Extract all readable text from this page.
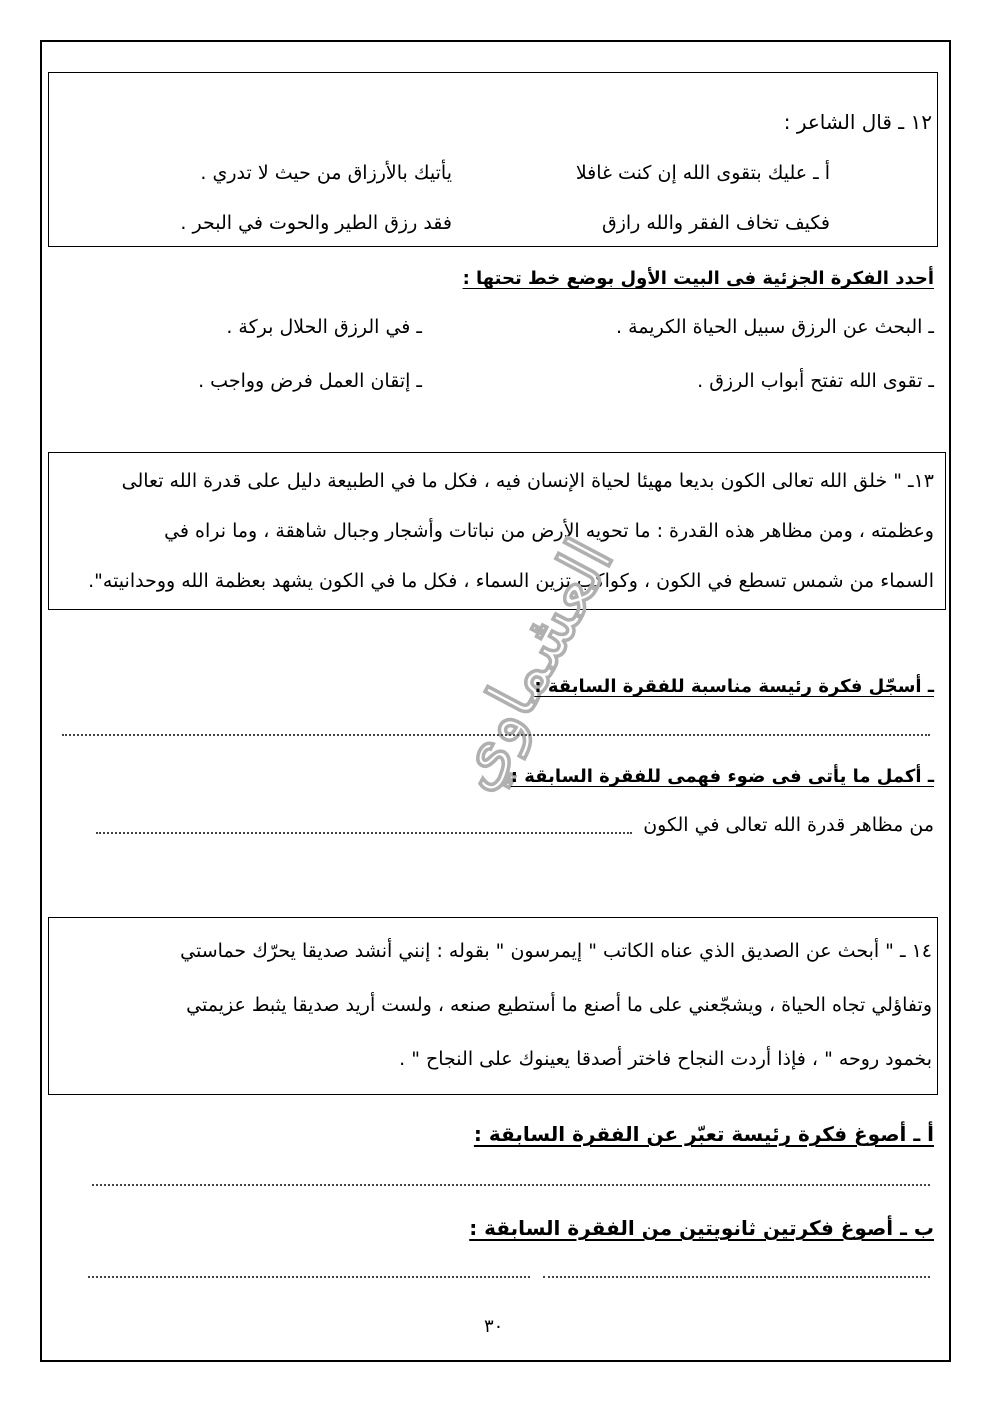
١٢ ـ قال الشاعر :
أ ـ عليك بتقوى الله إن كنت غافلا
يأتيك بالأرزاق من حيث لا تدري .
فكيف تخاف الفقر والله رازق
فقد رزق الطير والحوت في البحر .
أحدد الفكرة الجزئية فى البيت الأول بوضع خط تحتها :
ـ البحث عن الرزق سبيل الحياة الكريمة .
ـ في الرزق الحلال بركة .
ـ تقوى الله تفتح أبواب الرزق .
ـ إتقان العمل فرض وواجب .
١٣ـ " خلق الله تعالى الكون بديعا مهيئا لحياة الإنسان فيه ، فكل ما في الطبيعة دليل على قدرة الله تعالى
وعظمته ، ومن مظاهر هذه القدرة : ما تحويه الأرض من نباتات وأشجار وجبال شاهقة ، وما نراه في
السماء من شمس تسطع في الكون ، وكواكب تزين السماء ، فكل ما في الكون يشهد بعظمة الله ووحدانيته".
العشماوي
ـ أسجّل فكرة رئيسة مناسبة للفقرة السابقة :
ـ أكمل ما يأتى فى ضوء فهمى للفقرة السابقة :
من مظاهر قدرة الله تعالى في الكون
١٤ ـ " أبحث عن الصديق الذي عناه الكاتب " إيمرسون " بقوله : إنني أنشد صديقا يحرّك حماستي
وتفاؤلي تجاه الحياة ، ويشجّعني على ما أصنع ما أستطيع صنعه ، ولست أريد صديقا يثبط عزيمتي
بخمود روحه " ، فإذا أردت النجاح فاختر أصدقا يعينوك على النجاح " .
أ ـ أصوغ فكرة رئيسة تعبّر عن الفقرة السابقة :
ب ـ أصوغ فكرتين ثانويتين من الفقرة السابقة :
٣٠
